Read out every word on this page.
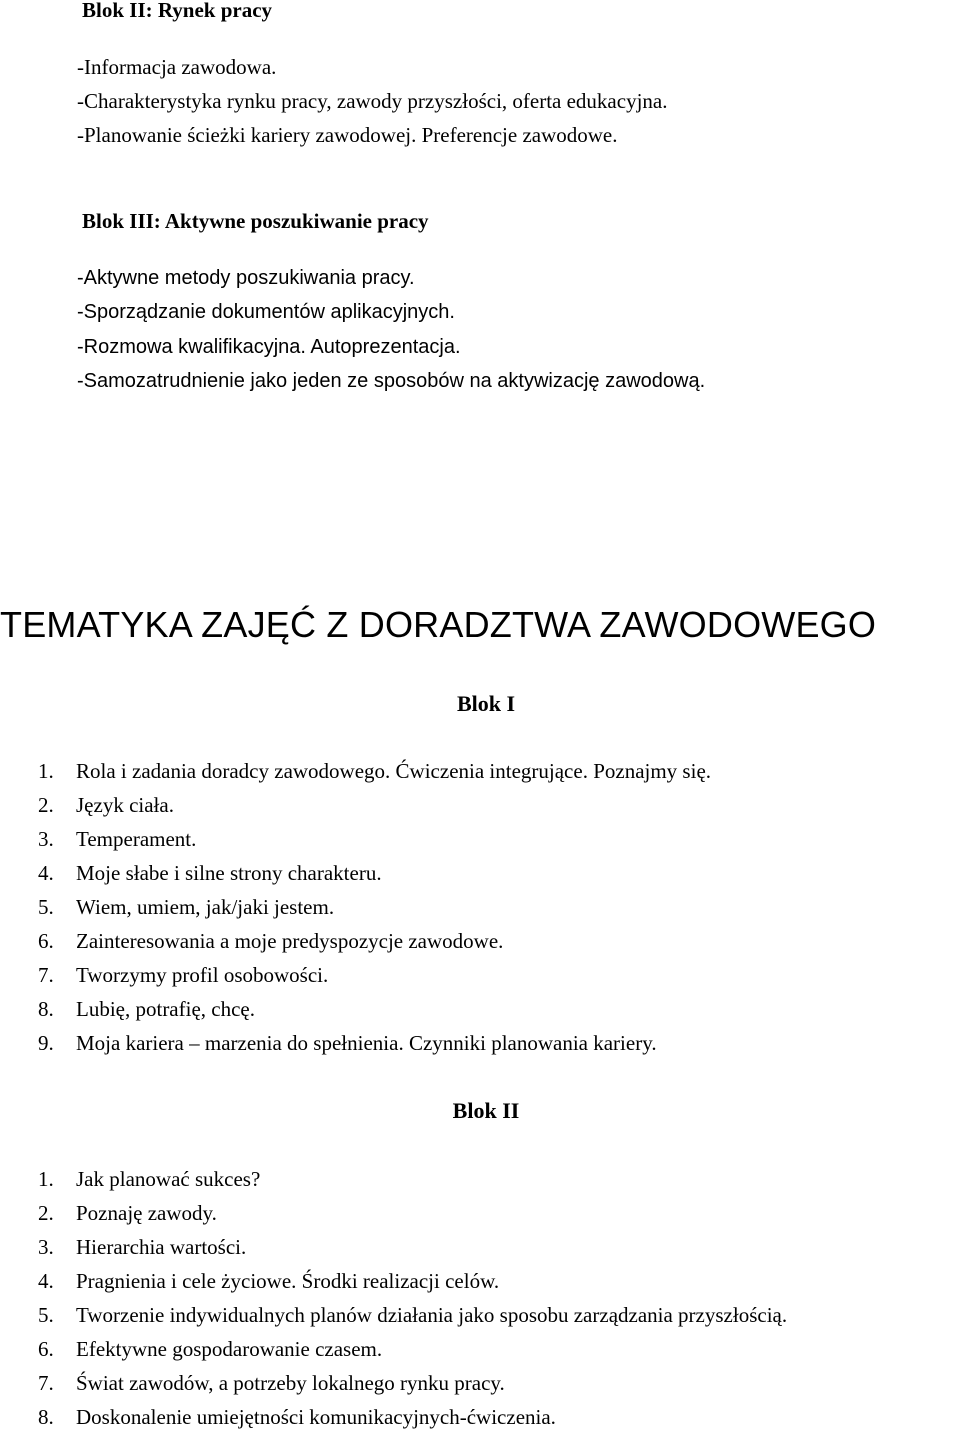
Blok II: Rynek pracy
-Informacja zawodowa.
-Charakterystyka rynku pracy, zawody przyszłości, oferta edukacyjna.
-Planowanie ścieżki kariery zawodowej. Preferencje zawodowe.
Blok III: Aktywne poszukiwanie pracy
-Aktywne metody poszukiwania pracy.
-Sporządzanie dokumentów aplikacyjnych.
-Rozmowa kwalifikacyjna. Autoprezentacja.
-Samozatrudnienie jako jeden ze sposobów na aktywizację zawodową.
TEMATYKA ZAJĘĆ Z DORADZTWA ZAWODOWEGO
Blok I
1. Rola i zadania doradcy zawodowego. Ćwiczenia integrujące. Poznajmy się.
2. Język ciała.
3. Temperament.
4. Moje słabe i silne strony charakteru.
5. Wiem, umiem, jak/jaki jestem.
6. Zainteresowania a moje predyspozycje zawodowe.
7. Tworzymy profil osobowości.
8. Lubię, potrafię, chcę.
9. Moja kariera – marzenia do spełnienia. Czynniki planowania kariery.
Blok II
1. Jak planować sukces?
2. Poznaję zawody.
3. Hierarchia wartości.
4. Pragnienia i cele życiowe. Środki realizacji celów.
5. Tworzenie indywidualnych planów działania jako sposobu zarządzania przyszłością.
6. Efektywne gospodarowanie czasem.
7. Świat zawodów, a potrzeby lokalnego rynku pracy.
8. Doskonalenie umiejętności komunikacyjnych-ćwiczenia.
